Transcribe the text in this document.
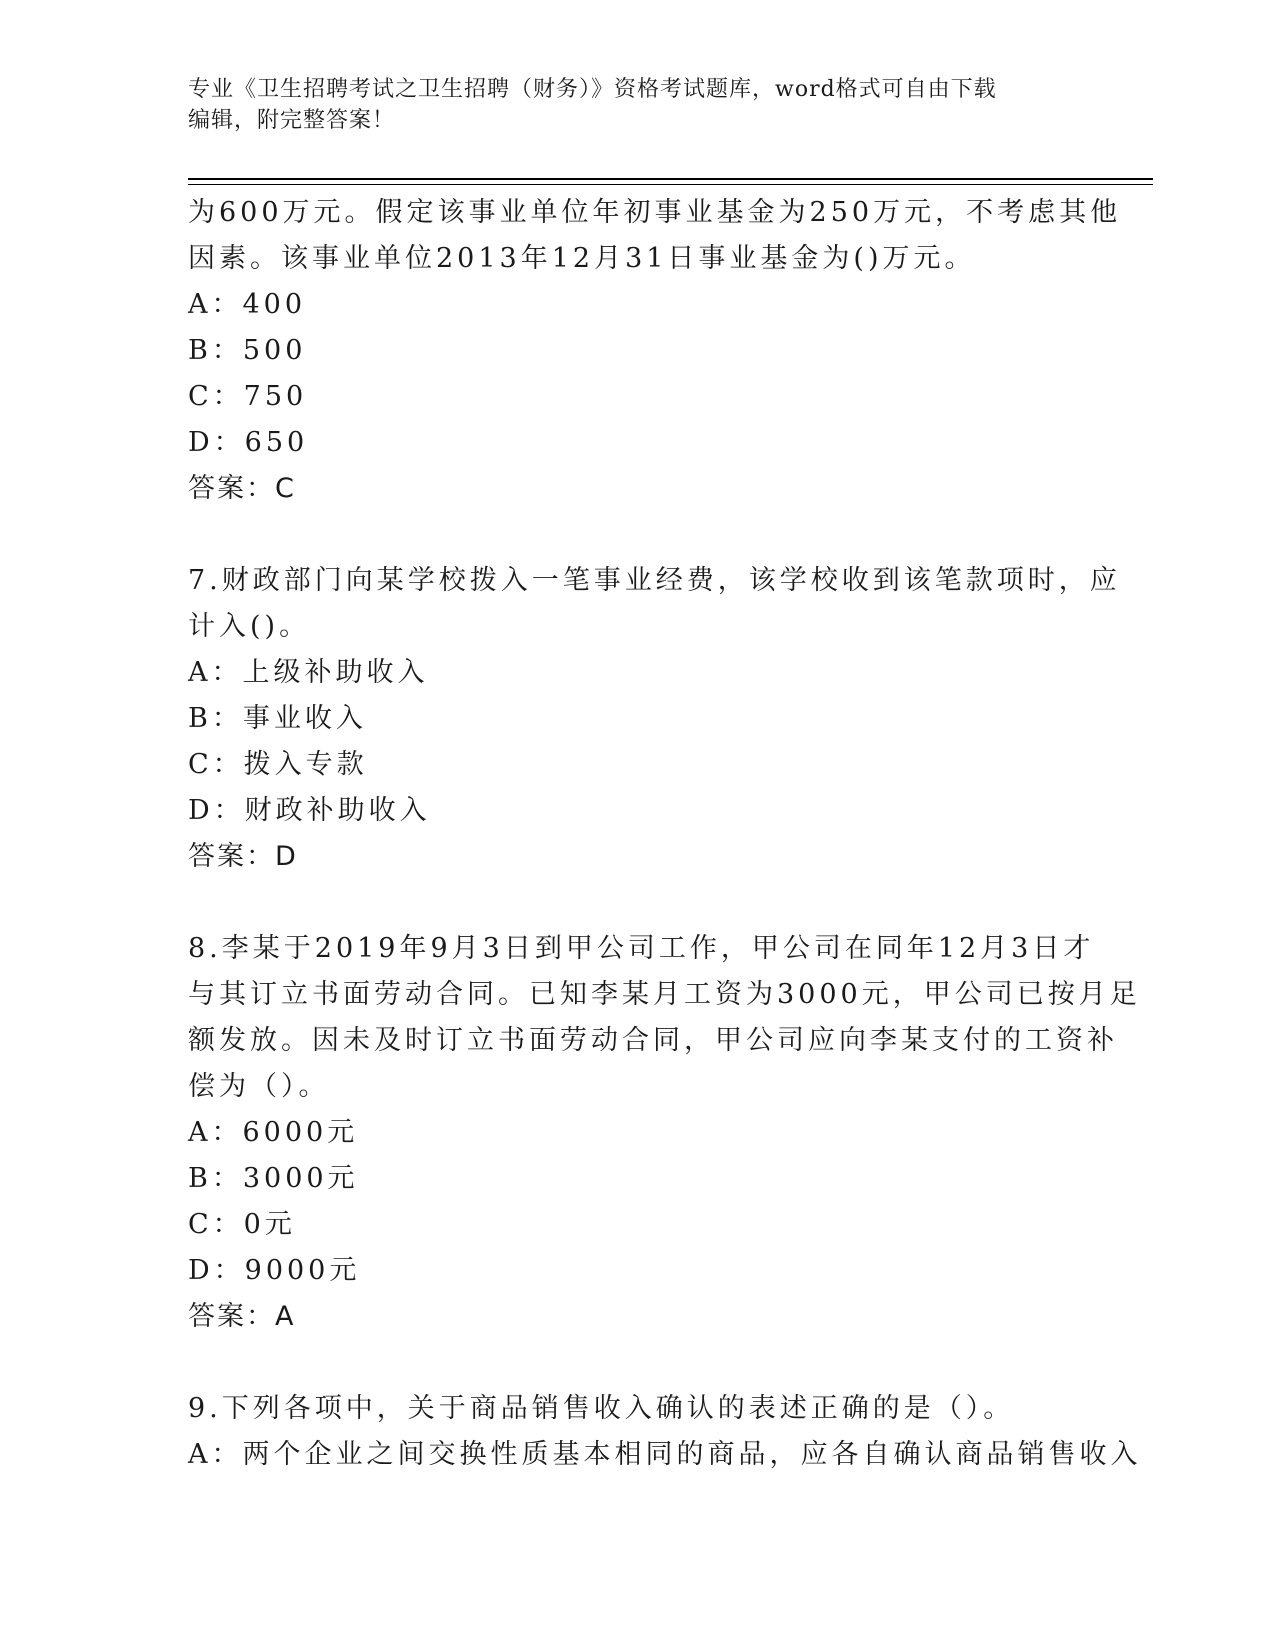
专业《卫生招聘考试之卫生招聘（财务）》资格考试题库，word格式可自由下载
编辑，附完整答案！
为600万元。假定该事业单位年初事业基金为250万元，不考虑其他
因素。该事业单位2013年12月31日事业基金为()万元。
A：400
B：500
C：750
D：650
答案：C
7.财政部门向某学校拨入一笔事业经费，该学校收到该笔款项时，应
计入()。
A：上级补助收入
B：事业收入
C：拨入专款
D：财政补助收入
答案：D
8.李某于2019年9月3日到甲公司工作，甲公司在同年12月3日才
与其订立书面劳动合同。已知李某月工资为3000元，甲公司已按月足
额发放。因未及时订立书面劳动合同，甲公司应向李某支付的工资补
偿为（）。
A：6000元
B：3000元
C：0元
D：9000元
答案：A
9.下列各项中，关于商品销售收入确认的表述正确的是（）。
A：两个企业之间交换性质基本相同的商品，应各自确认商品销售收入
